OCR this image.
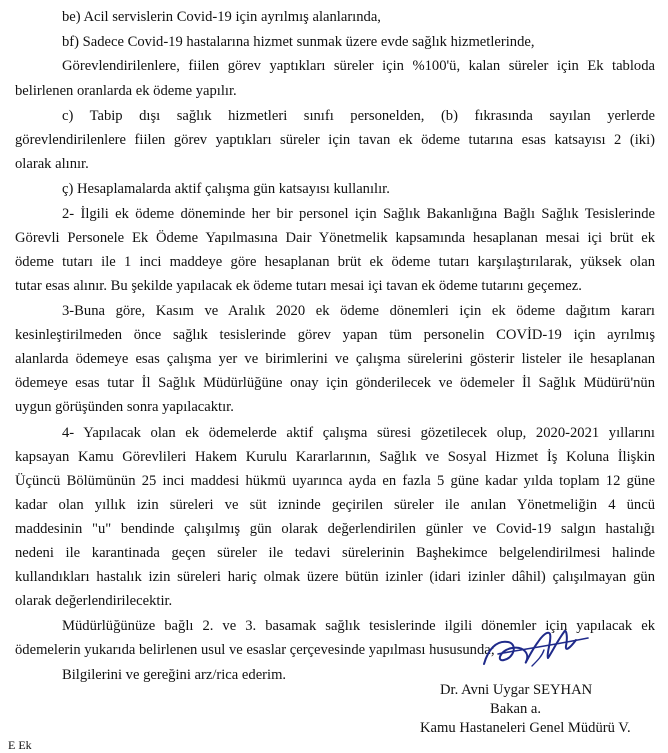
be) Acil servislerin Covid-19 için ayrılmış alanlarında,
bf) Sadece Covid-19 hastalarına hizmet sunmak üzere evde sağlık hizmetlerinde,
Görevlendirilenlere, fiilen görev yaptıkları süreler için %100'ü, kalan süreler için Ek tabloda
belirlenen oranlarda ek ödeme yapılır.
c) Tabip dışı sağlık hizmetleri sınıfı personelden, (b) fıkrasında sayılan yerlerde
görevlendirilenlere fiilen görev yaptıkları süreler için tavan ek ödeme tutarına esas katsayısı 2 (iki)
olarak alınır.
ç) Hesaplamalarda aktif çalışma gün katsayısı kullanılır.
2- İlgili ek ödeme döneminde her bir personel için Sağlık Bakanlığına Bağlı Sağlık Tesislerinde
Görevli Personele Ek Ödeme Yapılmasına Dair Yönetmelik kapsamında hesaplanan mesai içi brüt ek
ödeme tutarı ile 1 inci maddeye göre hesaplanan brüt ek ödeme tutarı karşılaştırılarak, yüksek olan
tutar esas alınır. Bu şekilde yapılacak ek ödeme tutarı mesai içi tavan ek ödeme tutarını geçemez.
3-Buna göre, Kasım ve Aralık 2020 ek ödeme dönemleri için ek ödeme dağıtım kararı
kesinleştirilmeden önce sağlık tesislerinde görev yapan tüm personelin COVİD-19 için ayrılmış
alanlarda ödemeye esas çalışma yer ve birimlerini ve çalışma sürelerini gösterir listeler ile hesaplanan
ödemeye esas tutar İl Sağlık Müdürlüğüne onay için gönderilecek ve ödemeler İl Sağlık Müdürü'nün
uygun görüşünden sonra yapılacaktır.
4- Yapılacak olan ek ödemelerde aktif çalışma süresi gözetilecek olup, 2020-2021 yıllarını
kapsayan Kamu Görevlileri Hakem Kurulu Kararlarının, Sağlık ve Sosyal Hizmet İş Koluna İlişkin
Üçüncü Bölümünün 25 inci maddesi hükmü uyarınca ayda en fazla 5 güne kadar yılda toplam 12 güne
kadar olan yıllık izin süreleri ve süt izninde geçirilen süreler ile anılan Yönetmeliğin 4 üncü
maddesinin "u" bendinde çalışılmış gün olarak değerlendirilen günler ve Covid-19 salgın hastalığı
nedeni ile karantinada geçen süreler ile tedavi sürelerinin Başhekimce belgelendirilmesi halinde
kullandıkları hastalık izin süreleri hariç olmak üzere bütün izinler (idari izinler dâhil) çalışılmayan gün
olarak değerlendirilecektir.
Müdürlüğünüze bağlı 2. ve 3. basamak sağlık tesislerinde ilgili dönemler için yapılacak ek
ödemelerin yukarıda belirlenen usul ve esaslar çerçevesinde yapılması hususunda;
Bilgilerini ve gereğini arz/rica ederim.
Dr. Avni Uygar SEYHAN
Bakan a.
Kamu Hastaneleri Genel Müdürü V.
E Ek
